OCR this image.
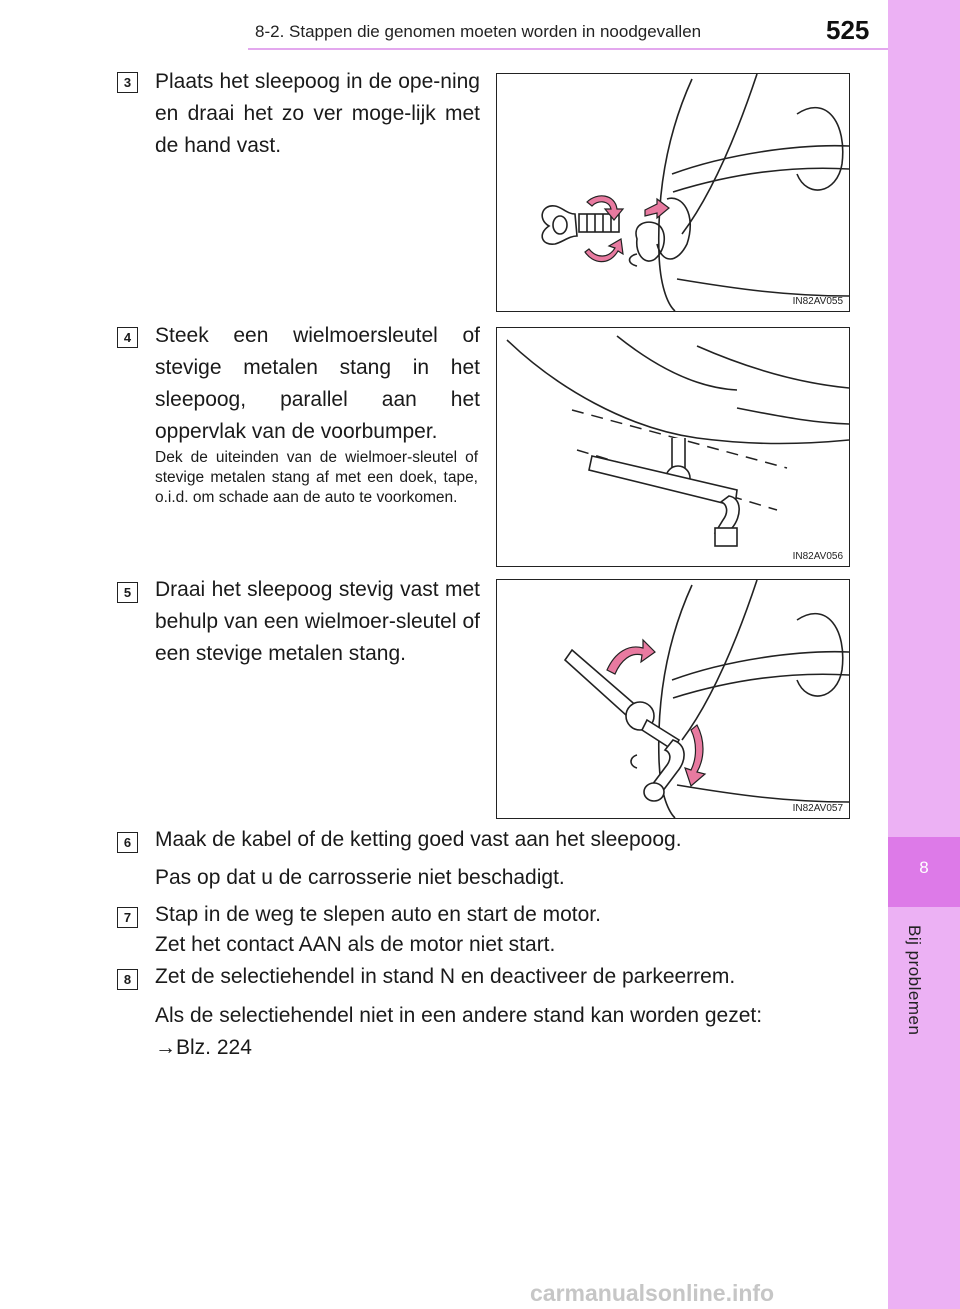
8-2. Stappen die genomen moeten worden in noodgevallen	525
8
Bij problemen
3	Plaats het sleepoog in de ope-ning en draai het zo ver moge-lijk met de hand vast.
IN82AV055
4	Steek een wielmoersleutel of stevige metalen stang in het sleepoog, parallel aan het oppervlak van de voorbumper.
Dek de uiteinden van de wielmoer-sleutel of stevige metalen stang af met een doek, tape, o.i.d. om schade aan de auto te voorkomen.
IN82AV056
5	Draai het sleepoog stevig vast met behulp van een wielmoer-sleutel of een stevige metalen stang.
IN82AV057
6	Maak de kabel of de ketting goed vast aan het sleepoog.
Pas op dat u de carrosserie niet beschadigt.
7	Stap in de weg te slepen auto en start de motor.
Zet het contact AAN als de motor niet start.
8	Zet de selectiehendel in stand N en deactiveer de parkeerrem.
Als de selectiehendel niet in een andere stand kan worden gezet:
→Blz. 224
carmanualsonline.info
